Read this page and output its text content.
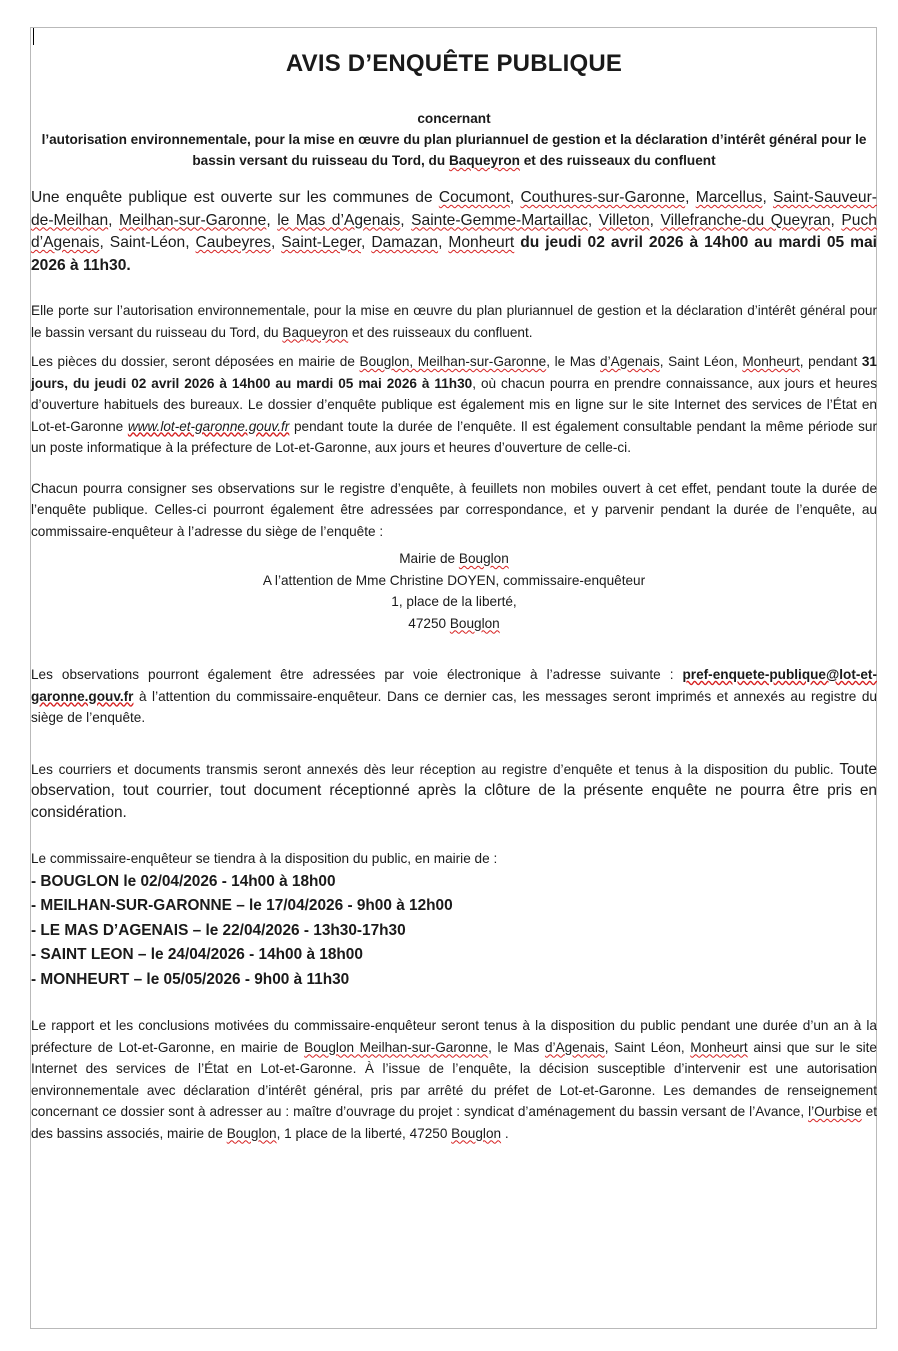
AVIS D’ENQUÊTE PUBLIQUE
concernant
l’autorisation environnementale, pour la mise en œuvre du plan pluriannuel de gestion et la déclaration d’intérêt général pour le bassin versant du ruisseau du Tord, du Baqueyron et des ruisseaux du confluent

Une enquête publique est ouverte sur les communes de Cocumont, Couthures-sur-Garonne, Marcellus, Saint-Sauveur-de-Meilhan, Meilhan-sur-Garonne, le Mas d’Agenais, Sainte-Gemme-Martaillac, Villeton, Villefranche-du Queyran, Puch d’Agenais, Saint-Léon, Caubeyres, Saint-Leger, Damazan, Monheurt du jeudi 02 avril 2026 à 14h00 au mardi 05 mai 2026 à 11h30.

Elle porte sur l’autorisation environnementale, pour la mise en œuvre du plan pluriannuel de gestion et la déclaration d’intérêt général pour le bassin versant du ruisseau du Tord, du Baqueyron et des ruisseaux du confluent.

Les pièces du dossier, seront déposées en mairie de Bouglon, Meilhan-sur-Garonne, le Mas d’Agenais, Saint Léon, Monheurt, pendant 31 jours, du jeudi 02 avril 2026 à 14h00 au mardi 05 mai 2026 à 11h30, où chacun pourra en prendre connaissance, aux jours et heures d’ouverture habituels des bureaux. Le dossier d’enquête publique est également mis en ligne sur le site Internet des services de l’État en Lot-et-Garonne www.lot-et-garonne.gouv.fr pendant toute la durée de l’enquête. Il est également consultable pendant la même période sur un poste informatique à la préfecture de Lot-et-Garonne, aux jours et heures d’ouverture de celle-ci.

Chacun pourra consigner ses observations sur le registre d’enquête, à feuillets non mobiles ouvert à cet effet, pendant toute la durée de l’enquête publique. Celles-ci pourront également être adressées par correspondance, et y parvenir pendant la durée de l’enquête, au commissaire-enquêteur à l’adresse du siège de l’enquête :

Mairie de Bouglon
A l’attention de Mme Christine DOYEN, commissaire-enquêteur
1, place de la liberté,
47250 Bouglon

Les observations pourront également être adressées par voie électronique à l’adresse suivante : pref-enquete-publique@lot-et-garonne.gouv.fr à l’attention du commissaire-enquêteur. Dans ce dernier cas, les messages seront imprimés et annexés au registre du siège de l’enquête.

Les courriers et documents transmis seront annexés dès leur réception au registre d’enquête et tenus à la disposition du public. Toute observation, tout courrier, tout document réceptionné après la clôture de la présente enquête ne pourra être pris en considération.

Le commissaire-enquêteur se tiendra à la disposition du public, en mairie de :

- BOUGLON le 02/04/2026 - 14h00 à 18h00
- MEILHAN-SUR-GARONNE – le 17/04/2026 - 9h00 à 12h00
- LE MAS D’AGENAIS – le 22/04/2026 - 13h30-17h30
- SAINT LEON – le 24/04/2026 - 14h00 à 18h00
- MONHEURT – le 05/05/2026 - 9h00 à 11h30

Le rapport et les conclusions motivées du commissaire-enquêteur seront tenus à la disposition du public pendant une durée d’un an à la préfecture de Lot-et-Garonne, en mairie de Bouglon Meilhan-sur-Garonne, le Mas d’Agenais, Saint Léon, Monheurt ainsi que sur le site Internet des services de l’État en Lot-et-Garonne. À l’issue de l’enquête, la décision susceptible d’intervenir est une autorisation environnementale avec déclaration d’intérêt général, pris par arrêté du préfet de Lot-et-Garonne. Les demandes de renseignement concernant ce dossier sont à adresser au : maître d’ouvrage du projet : syndicat d’aménagement du bassin versant de l’Avance, l’Ourbise et des bassins associés, mairie de Bouglon, 1 place de la liberté, 47250 Bouglon .
